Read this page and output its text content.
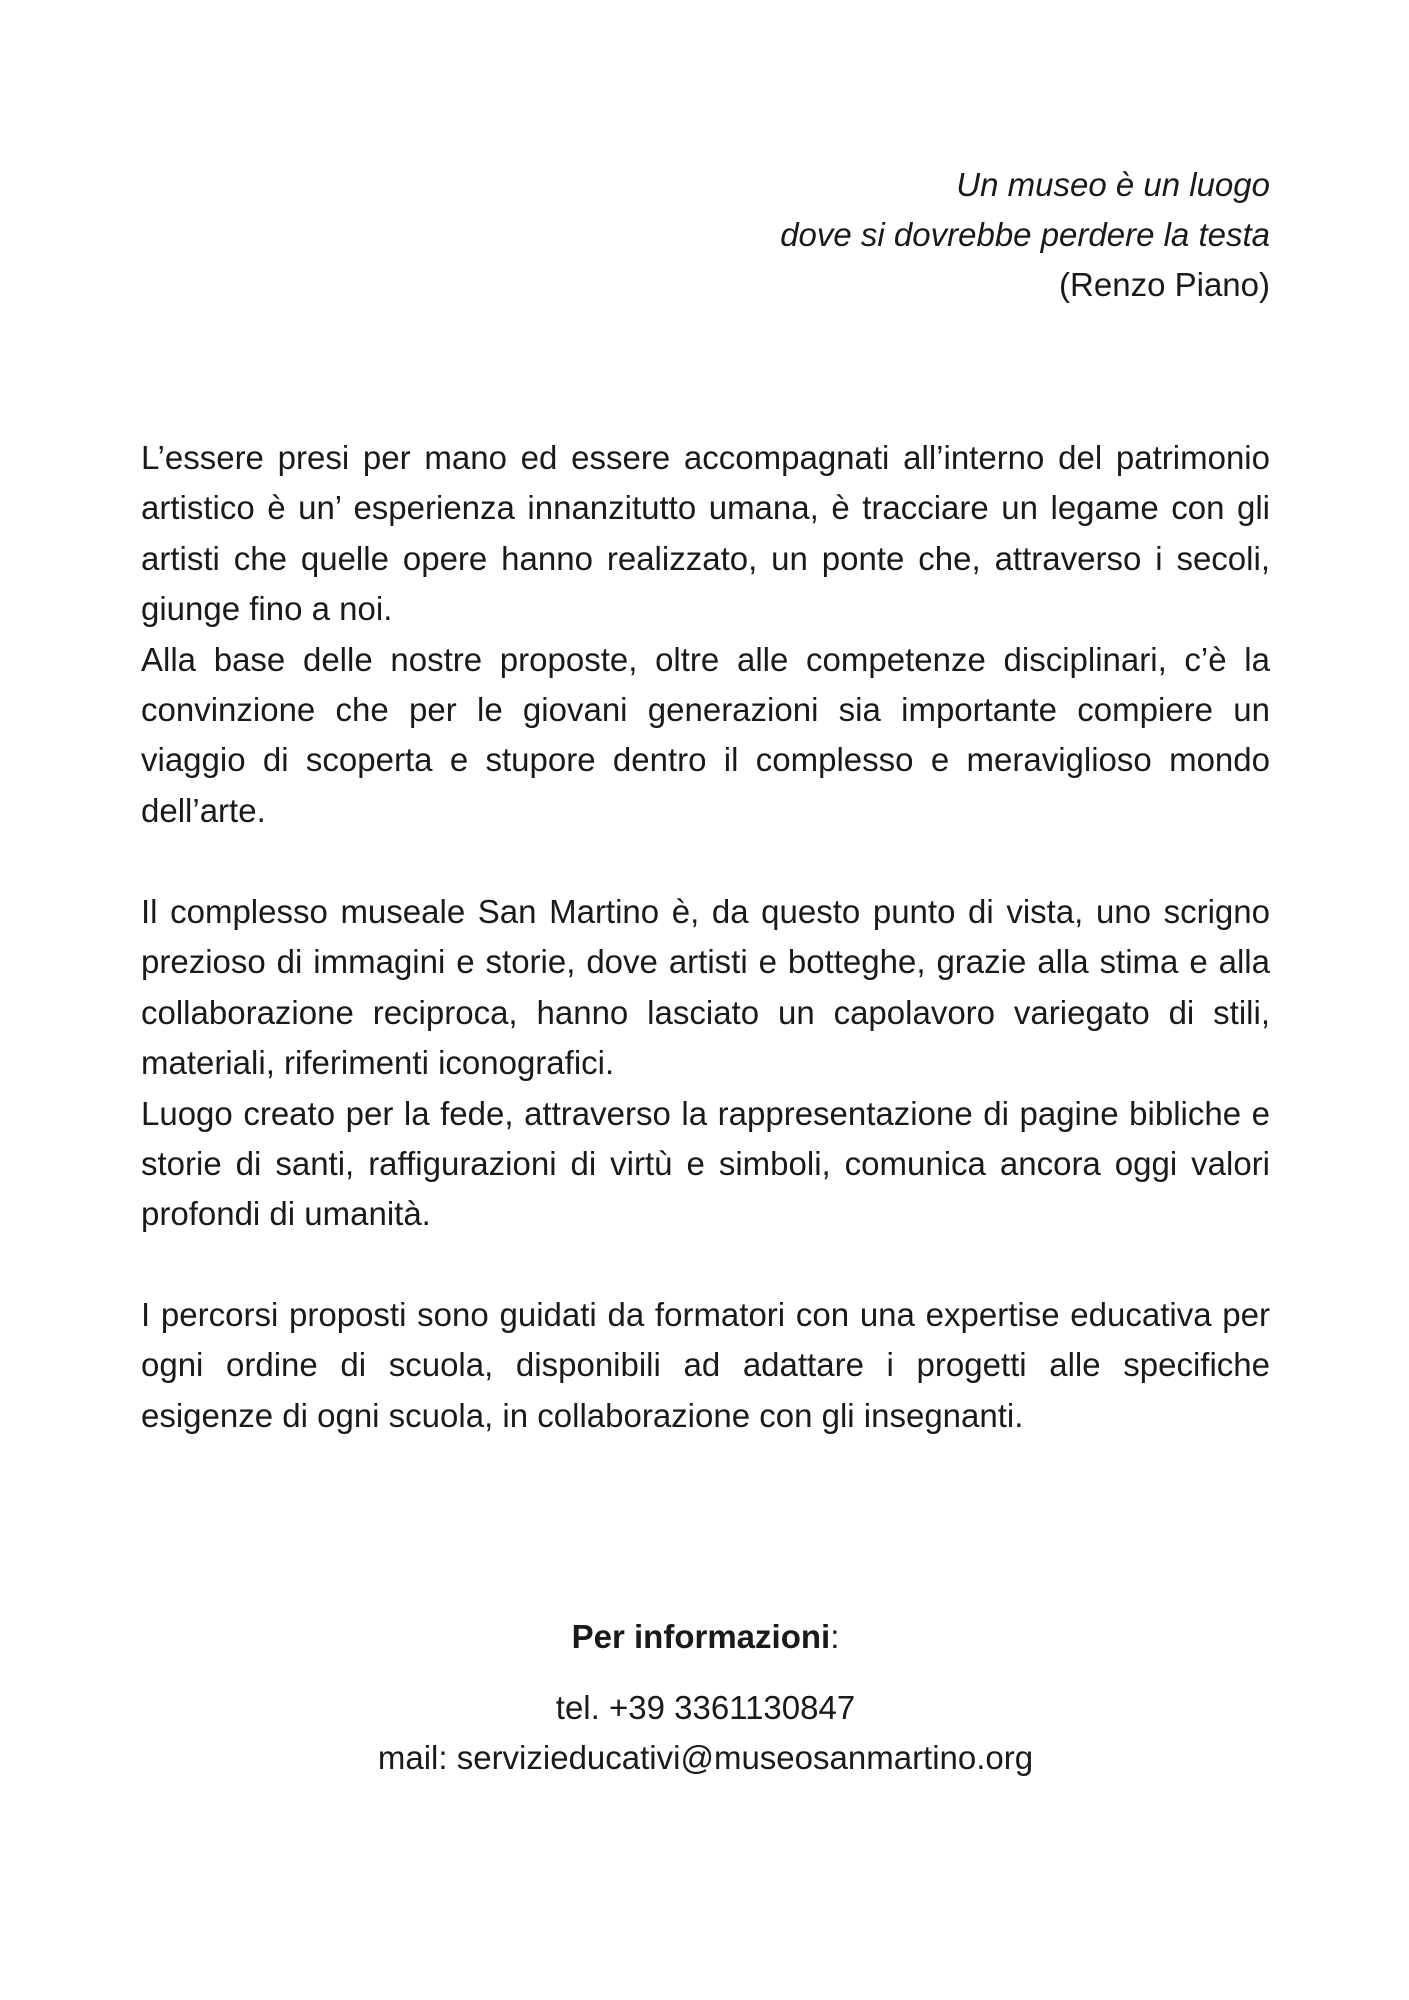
Un museo è un luogo
dove si dovrebbe perdere la testa
(Renzo Piano)

L’essere presi per mano ed essere accompagnati all’interno del patrimonio artistico è un’ esperienza innanzitutto umana, è tracciare un legame con gli artisti che quelle opere hanno realizzato, un ponte che, attraverso i secoli, giunge fino a noi.

Alla base delle nostre proposte, oltre alle competenze disciplinari, c’è la convinzione che per le giovani generazioni sia importante compiere un viaggio di scoperta e stupore dentro il complesso e meraviglioso mondo dell’arte.

Il complesso museale San Martino è, da questo punto di vista, uno scrigno prezioso di immagini e storie, dove artisti e botteghe, grazie alla stima e alla collaborazione reciproca, hanno lasciato un capolavoro variegato di stili, materiali, riferimenti iconografici.

Luogo creato per la fede, attraverso la rappresentazione di pagine bibliche e storie di santi, raffigurazioni di virtù e simboli, comunica ancora oggi valori profondi di umanità.

I percorsi proposti sono guidati da formatori con una expertise educativa per ogni ordine di scuola, disponibili ad adattare i progetti alle specifiche esigenze di ogni scuola, in collaborazione con gli insegnanti.

Per informazioni:
tel. +39 3361130847
mail: servizieducativi@museosanmartino.org
